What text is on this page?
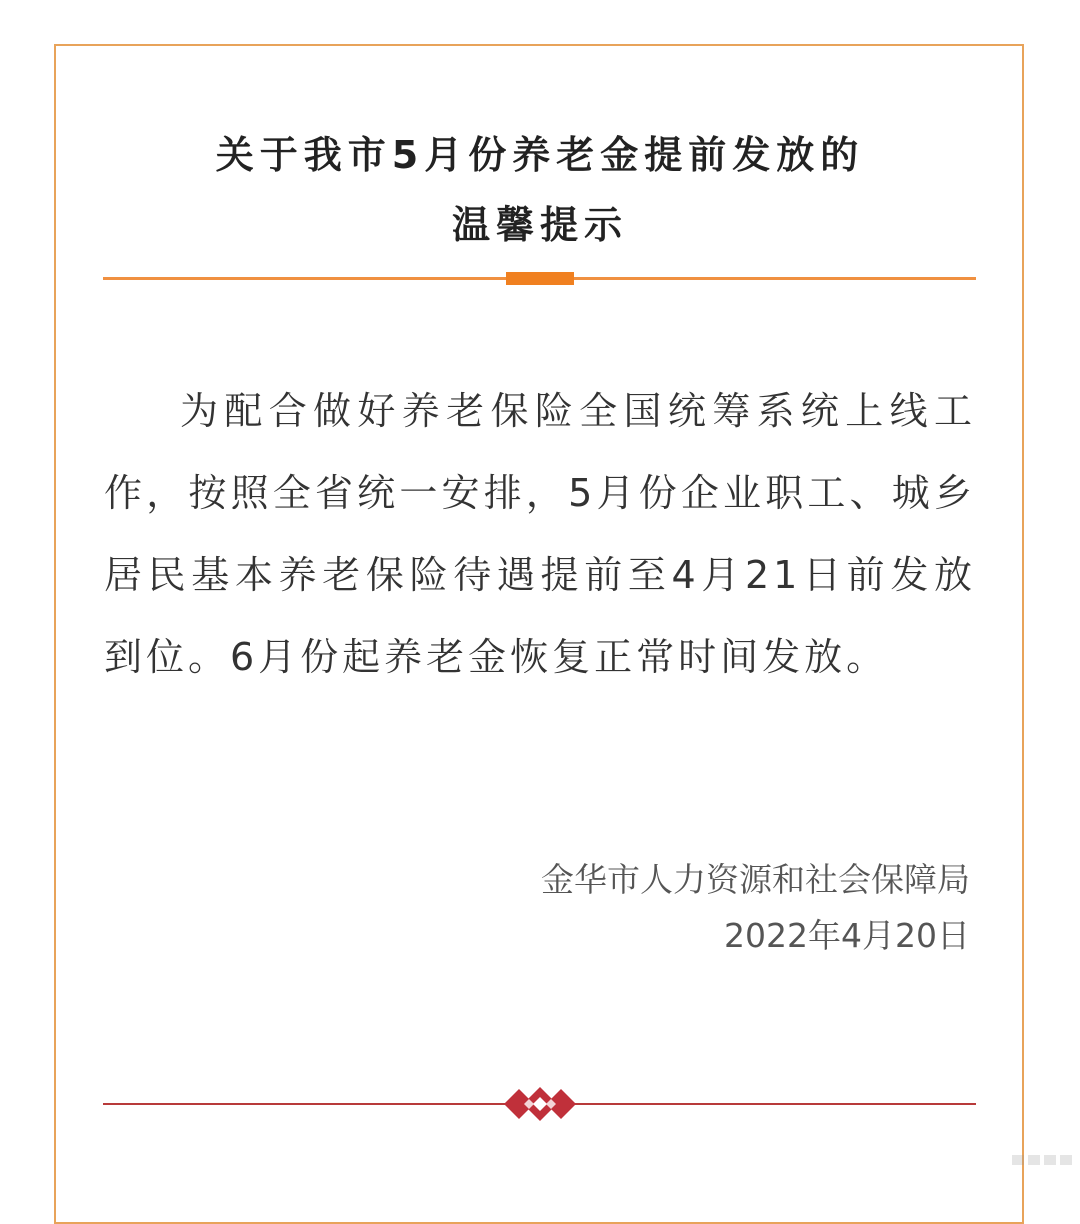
关于我市5月份养老金提前发放的
温馨提示

为配合做好养老保险全国统筹系统上线工作，按照全省统一安排，5月份企业职工、城乡居民基本养老保险待遇提前至4月21日前发放到位。6月份起养老金恢复正常时间发放。

金华市人力资源和社会保障局
2022年4月20日
